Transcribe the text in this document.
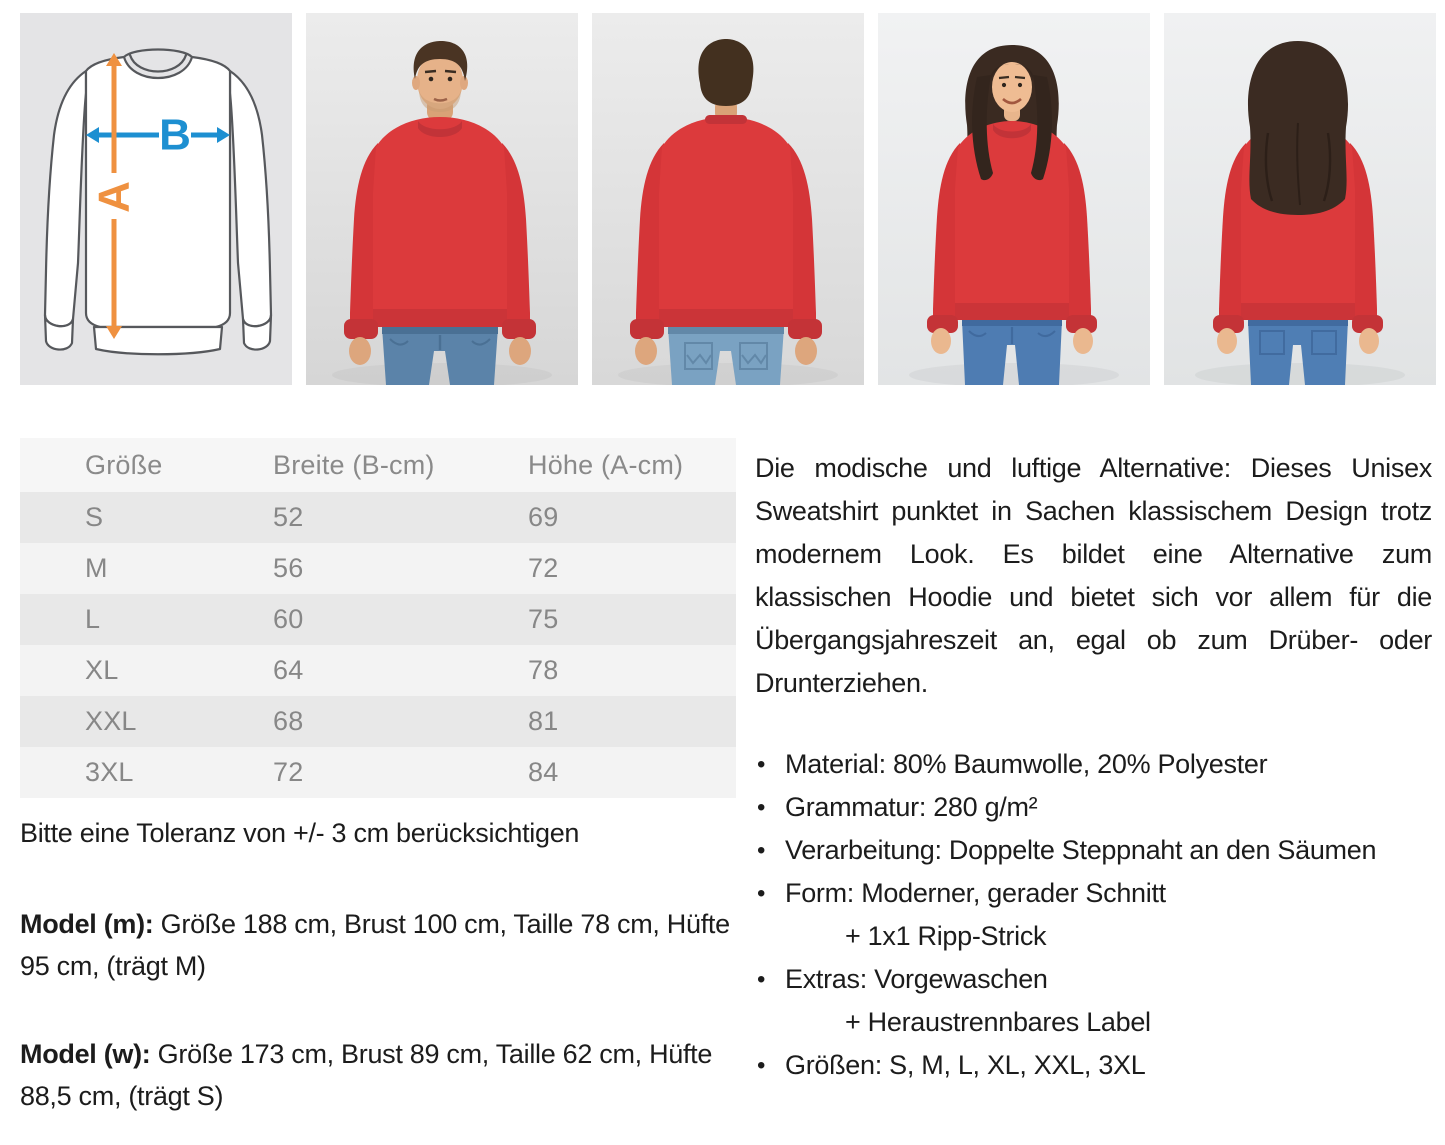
B
A
Größe	Breite (B-cm)	Höhe (A-cm)
S	52	69
M	56	72
L	60	75
XL	64	78
XXL	68	81
3XL	72	84
Bitte eine Toleranz von +/- 3 cm berücksichtigen

Model (m): Größe 188 cm, Brust 100 cm, Taille 78 cm, Hüfte 95 cm, (trägt M)

Model (w): Größe 173 cm, Brust 89 cm, Taille 62 cm, Hüfte 88,5 cm, (trägt S)

Die modische und luftige Alternative: Dieses Unisex Sweatshirt punktet in Sachen klassischem Design trotz modernem Look. Es bildet eine Alternative zum klassischen Hoodie und bietet sich vor allem für die Übergangsjahreszeit an, egal ob zum Drüber- oder Drunterziehen.

• Material: 80% Baumwolle, 20% Polyester
• Grammatur: 280 g/m²
• Verarbeitung: Doppelte Steppnaht an den Säumen
• Form: Moderner, gerader Schnitt
+ 1x1 Ripp-Strick
• Extras: Vorgewaschen
+ Heraustrennbares Label
• Größen: S, M, L, XL, XXL, 3XL
